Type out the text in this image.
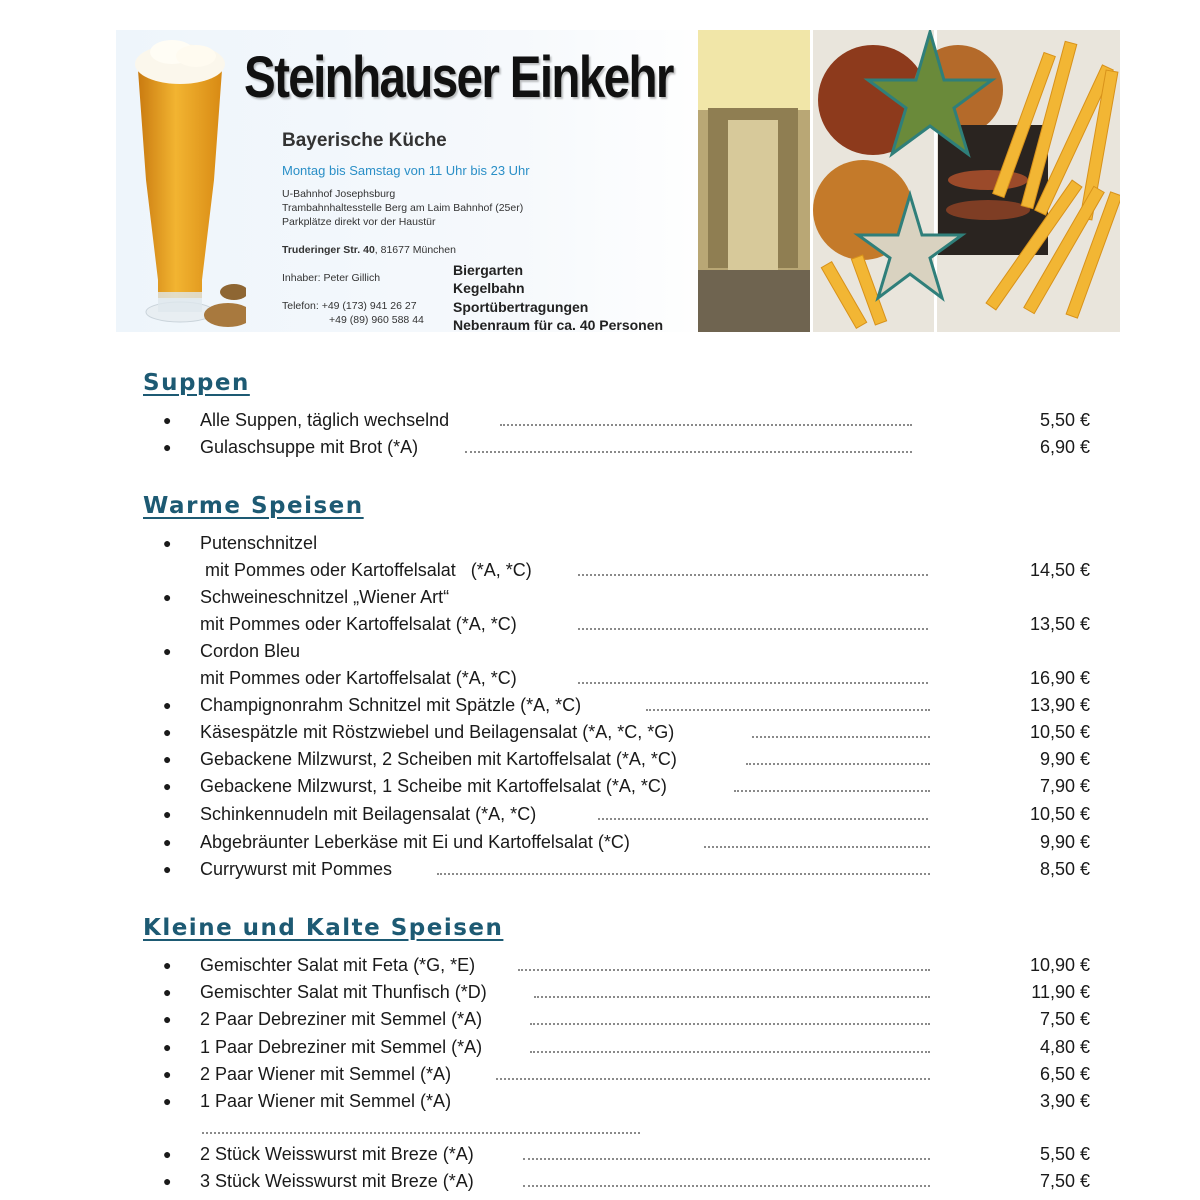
Steinhauser Einkehr
Bayerische Küche
Montag bis Samstag von 11 Uhr bis 23 Uhr
U-Bahnhof Josephsburg
Trambahnhaltesstelle Berg am Laim Bahnhof (25er)
Parkplätze direkt vor der Haustür
Truderinger Str. 40, 81677 München
Inhaber: Peter Gillich
Telefon: +49 (173) 941 26 27
+49 (89) 960 588 44
Biergarten
Kegelbahn
Sportübertragungen
Nebenraum für ca. 40 Personen
Suppen
● Alle Suppen, täglich wechselnd	5,50 €
● Gulaschsuppe mit Brot (*A)	6,90 €
Warme Speisen
● Putenschnitzel
mit Pommes oder Kartoffelsalat   (*A, *C)	14,50 €
● Schweineschnitzel „Wiener Art“
mit Pommes oder Kartoffelsalat (*A, *C)	13,50 €
● Cordon Bleu
mit Pommes oder Kartoffelsalat (*A, *C)	16,90 €
● Champignonrahm Schnitzel mit Spätzle (*A, *C)	13,90 €
● Käsespätzle mit Röstzwiebel und Beilagensalat (*A, *C, *G)	10,50 €
● Gebackene Milzwurst, 2 Scheiben mit Kartoffelsalat (*A, *C)	9,90 €
● Gebackene Milzwurst, 1 Scheibe mit Kartoffelsalat (*A, *C)	7,90 €
● Schinkennudeln mit Beilagensalat (*A, *C)	10,50 €
● Abgebräunter Leberkäse mit Ei und Kartoffelsalat (*C)	9,90 €
● Currywurst mit Pommes	8,50 €
Kleine und Kalte Speisen
● Gemischter Salat mit Feta (*G, *E)	10,90 €
● Gemischter Salat mit Thunfisch (*D)	11,90 €
● 2 Paar Debreziner mit Semmel (*A)	7,50 €
● 1 Paar Debreziner mit Semmel (*A)	4,80 €
● 2 Paar Wiener mit Semmel (*A)	6,50 €
● 1 Paar Wiener mit Semmel (*A)	3,90 €
● 2 Stück Weisswurst mit Breze (*A)	5,50 €
● 3 Stück Weisswurst mit Breze (*A)	7,50 €
